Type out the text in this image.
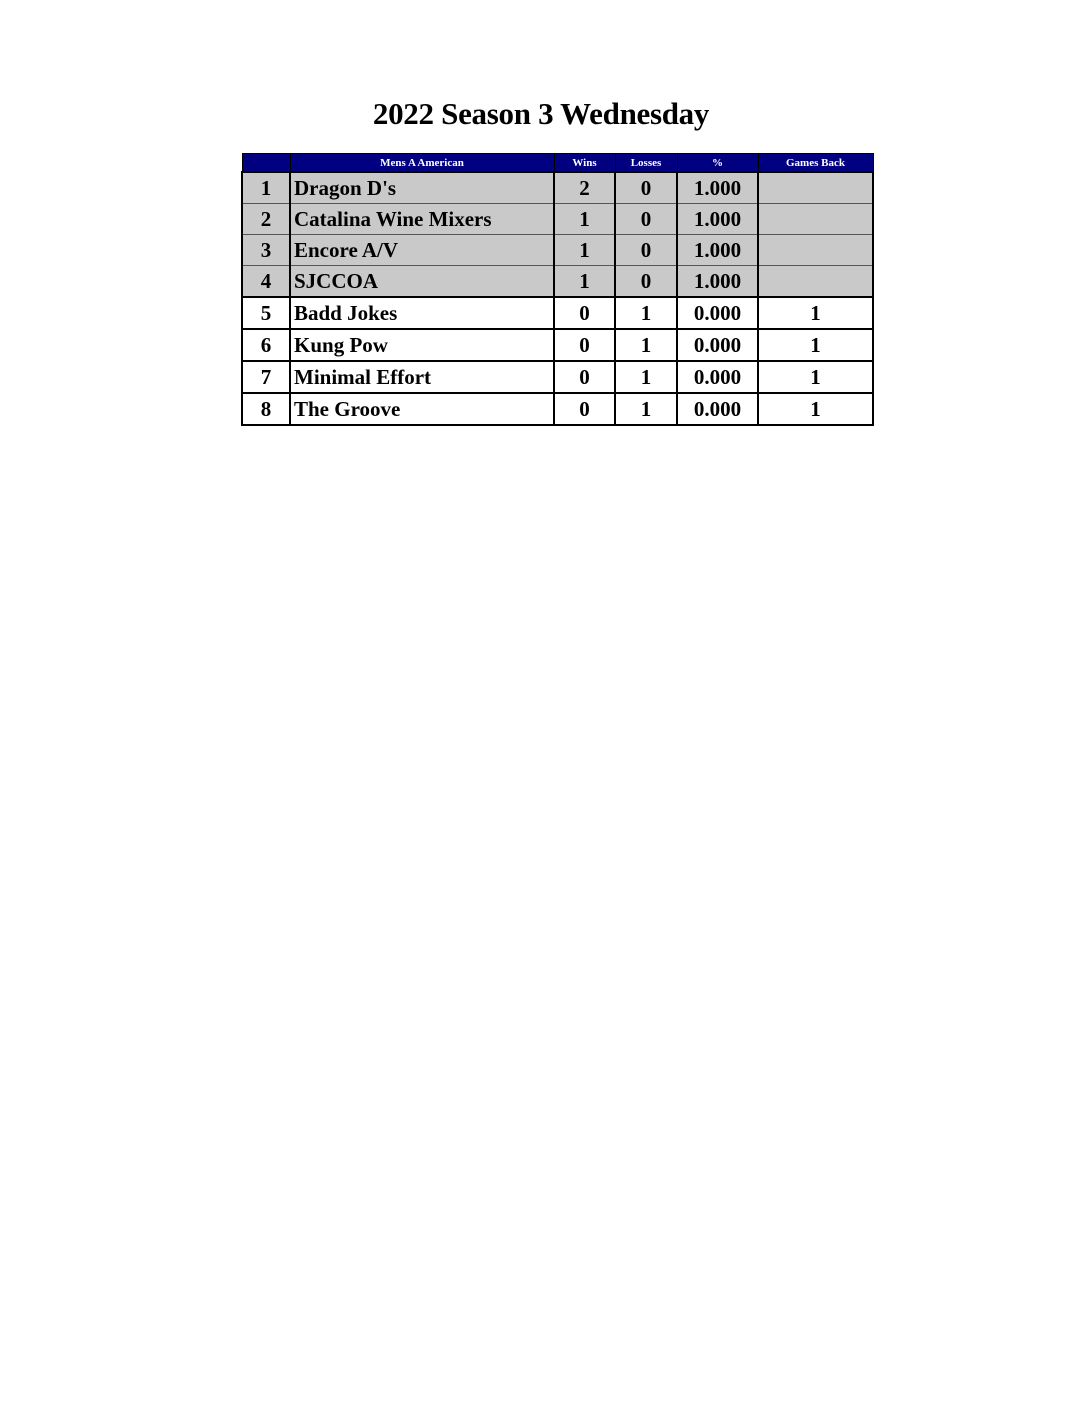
2022 Season 3 Wednesday
	Mens A American	Wins	Losses	%	Games Back
1	Dragon D's	2	0	1.000	
2	Catalina Wine Mixers	1	0	1.000	
3	Encore A/V	1	0	1.000	
4	SJCCOA	1	0	1.000	
5	Badd Jokes	0	1	0.000	1
6	Kung Pow	0	1	0.000	1
7	Minimal Effort	0	1	0.000	1
8	The Groove	0	1	0.000	1
